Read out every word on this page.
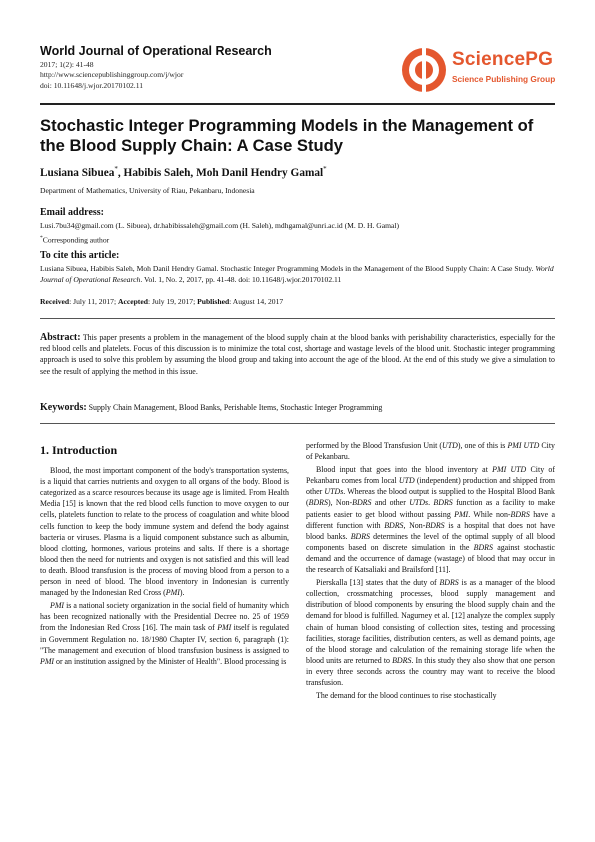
World Journal of Operational Research
2017; 1(2): 41-48
http://www.sciencepublishinggroup.com/j/wjor
doi: 10.11648/j.wjor.20170102.11
SciencePG
Science Publishing Group
Stochastic Integer Programming Models in the Management of the Blood Supply Chain: A Case Study
Lusiana Sibuea*, Habibis Saleh, Moh Danil Hendry Gamal*
Department of Mathematics, University of Riau, Pekanbaru, Indonesia
Email address:
Lusi.7bu34@gmail.com (L. Sibuea), dr.habibissaleh@gmail.com (H. Saleh), mdhgamal@unri.ac.id (M. D. H. Gamal)
*Corresponding author
To cite this article:
Lusiana Sibuea, Habibis Saleh, Moh Danil Hendry Gamal. Stochastic Integer Programming Models in the Management of the Blood Supply Chain: A Case Study. World Journal of Operational Research. Vol. 1, No. 2, 2017, pp. 41-48. doi: 10.11648/j.wjor.20170102.11
Received: July 11, 2017; Accepted: July 19, 2017; Published: August 14, 2017
Abstract: This paper presents a problem in the management of the blood supply chain at the blood banks with perishability characteristics, especially for the red blood cells and platelets. Focus of this discussion is to minimize the total cost, shortage and wastage levels of the blood unit. Stochastic integer programming approach is used to solve this problem by assuming the blood group and taking into account the age of the blood. At the end of this study we give a simulation to see the result of applying the method in this issue.
Keywords: Supply Chain Management, Blood Banks, Perishable Items, Stochastic Integer Programming
1. Introduction

Blood, the most important component of the body's transportation systems, is a liquid that carries nutrients and oxygen to all organs of the body. Blood is categorized as a scarce resources because its usage age is limited. From Health Media [15] is known that the red blood cells function to move oxygen to our cells, platelets function to relate to the process of coagulation and white blood cells function to keep the body immune system and defend the body against bacteria or viruses. Plasma is a liquid component substance such as albumin, blood clotting, hormones, various proteins and salts. If there is a shortage blood then the need for nutrients and oxygen is not satisfied and this will lead to death. Blood transfusion is the process of moving blood from a person to a person in need of blood. The blood inventory in Indonesian is currently managed by the Indonesian Red Cross (PMI).

PMI is a national society organization in the social field of humanity which has been recognized nationally with the Presidential Decree no. 25 of 1959 from the Indonesian Red Cross [16]. The main task of PMI itself is regulated in Government Regulation no. 18/1980 Chapter IV, section 6, paragraph (1): "The management and execution of blood transfusion business is assigned to PMI or an institution assigned by the Minister of Health". Blood processing is

performed by the Blood Transfusion Unit (UTD), one of this is PMI UTD City of Pekanbaru.

Blood input that goes into the blood inventory at PMI UTD City of Pekanbaru comes from local UTD (independent) production and shipped from other UTDs. Whereas the blood output is supplied to the Hospital Blood Bank (BDRS), Non-BDRS and other UTDs. BDRS function as a facility to make patients easier to get blood without passing PMI. While non-BDRS have a different function with BDRS, Non-BDRS is a hospital that does not have blood banks. BDRS determines the level of the optimal supply of all blood components based on discrete simulation in the BDRS against stochastic demand and the occurrence of damage (wastage) of blood that may occur in the research of Katsaliaki and Brailsford [11].

Pierskalla [13] states that the duty of BDRS is as a manager of the blood collection, crossmatching processes, blood supply management and distribution of blood components by ensuring the blood supply chain and the demand for blood is fulfilled. Nagurney et al. [12] analyze the complex supply chain of human blood consisting of collection sites, testing and processing facilities, storage facilities, distribution centers, as well as demand points, age of the blood storage and calculation of the remaining storage life when the blood units are returned to BDRS. In this study they also show that one person in every three seconds across the country may want to receive the blood transfusion.

The demand for the blood continues to rise stochastically
